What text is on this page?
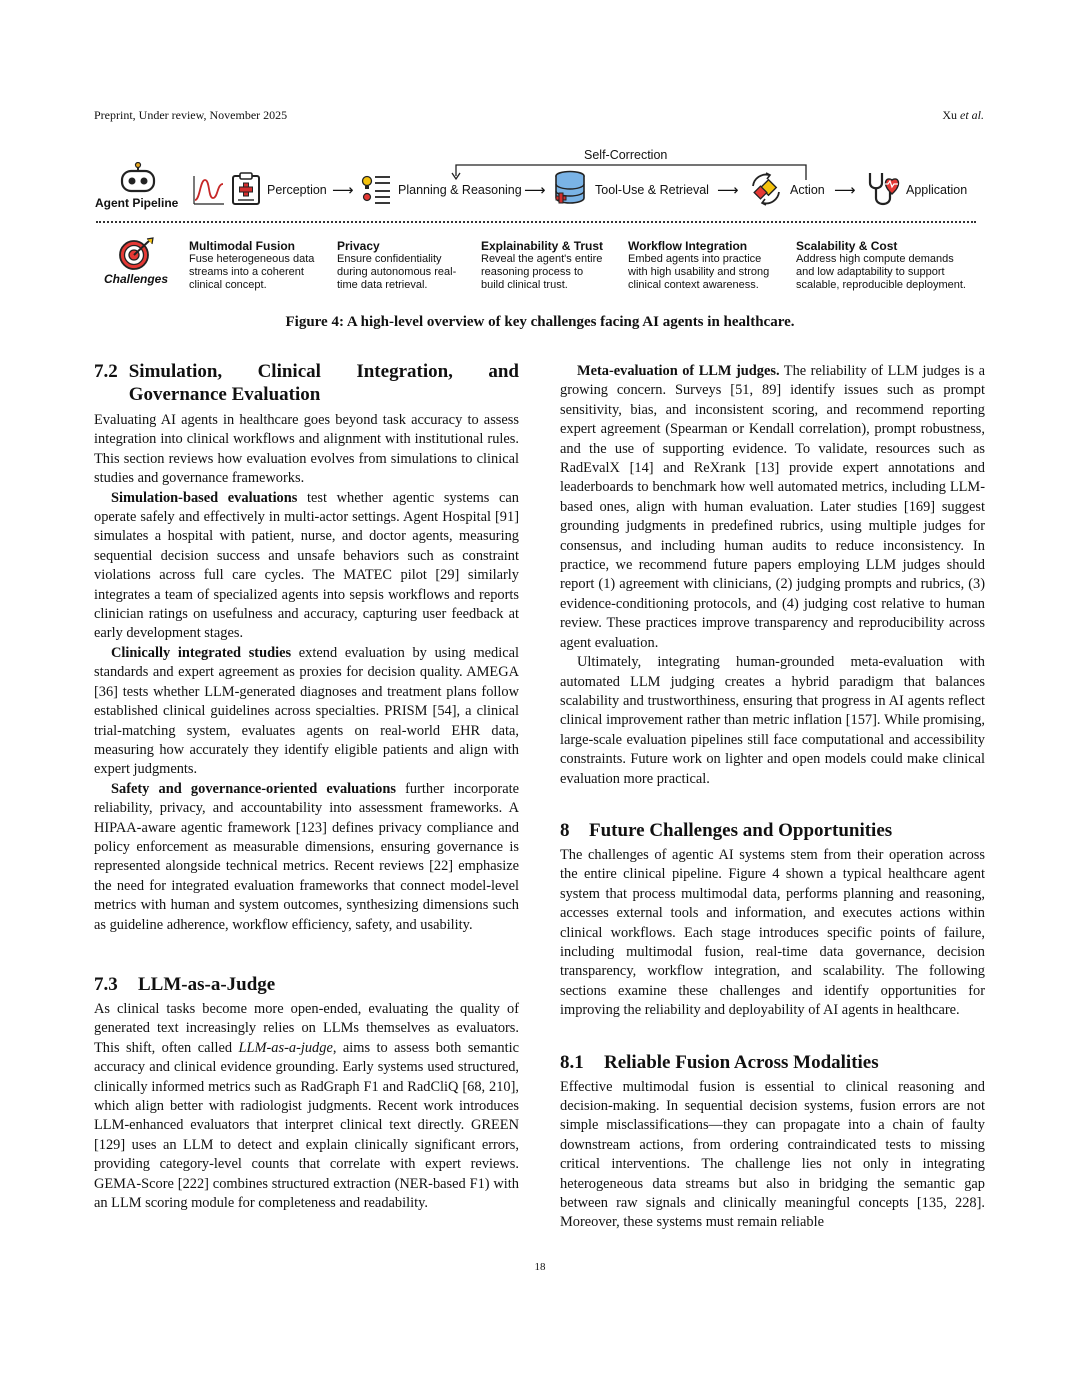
Preprint, Under review, November 2025	Xu et al.
Self-Correction
Agent Pipeline
Perception ⟶	Planning & Reasoning ⟶	Tool-Use & Retrieval ⟶	Action ⟶	Application
Challenges
Multimodal Fusion
Fuse heterogeneous data
streams into a coherent
clinical concept.
Privacy
Ensure confidentiality
during autonomous real-
time data retrieval.
Explainability & Trust
Reveal the agent's entire
reasoning process to
build clinical trust.
Workflow Integration
Embed agents into practice
with high usability and strong
clinical context awareness.
Scalability & Cost
Address high compute demands
and low adaptability to support
scalable, reproducible deployment.
Figure 4: A high-level overview of key challenges facing AI agents in healthcare.
7.2 Simulation, Clinical Integration, and Governance Evaluation

Evaluating AI agents in healthcare goes beyond task accuracy to assess integration into clinical workflows and alignment with institutional rules. This section reviews how evaluation evolves from simulations to clinical studies and governance frameworks.

Simulation-based evaluations test whether agentic systems can operate safely and effectively in multi-actor settings. Agent Hospital [91] simulates a hospital with patient, nurse, and doctor agents, measuring sequential decision success and unsafe behaviors such as constraint violations across full care cycles. The MATEC pilot [29] similarly integrates a team of specialized agents into sepsis workflows and reports clinician ratings on usefulness and accuracy, capturing user feedback at early development stages.

Clinically integrated studies extend evaluation by using medical standards and expert agreement as proxies for decision quality. AMEGA [36] tests whether LLM-generated diagnoses and treatment plans follow established clinical guidelines across specialties. PRISM [54], a clinical trial-matching system, evaluates agents on real-world EHR data, measuring how accurately they identify eligible patients and align with expert judgments.

Safety and governance-oriented evaluations further incorporate reliability, privacy, and accountability into assessment frameworks. A HIPAA-aware agentic framework [123] defines privacy compliance and policy enforcement as measurable dimensions, ensuring governance is represented alongside technical metrics. Recent reviews [22] emphasize the need for integrated evaluation frameworks that connect model-level metrics with human and system outcomes, synthesizing dimensions such as guideline adherence, workflow efficiency, safety, and usability.

7.3	LLM-as-a-Judge

As clinical tasks become more open-ended, evaluating the quality of generated text increasingly relies on LLMs themselves as evaluators. This shift, often called LLM-as-a-judge, aims to assess both semantic accuracy and clinical evidence grounding. Early systems used structured, clinically informed metrics such as RadGraph F1 and RadCliQ [68, 210], which align better with radiologist judgments. Recent work introduces LLM-enhanced evaluators that interpret clinical text directly. GREEN [129] uses an LLM to detect and explain clinically significant errors, providing category-level counts that correlate with expert reviews. GEMA-Score [222] combines structured extraction (NER-based F1) with an LLM scoring module for completeness and readability.

Meta-evaluation of LLM judges. The reliability of LLM judges is a growing concern. Surveys [51, 89] identify issues such as prompt sensitivity, bias, and inconsistent scoring, and recommend reporting expert agreement (Spearman or Kendall correlation), prompt robustness, and the use of supporting evidence. To validate, resources such as RadEvalX [14] and ReXrank [13] provide expert annotations and leaderboards to benchmark how well automated metrics, including LLM-based ones, align with human evaluation. Later studies [169] suggest grounding judgments in predefined rubrics, using multiple judges for consensus, and including human audits to reduce inconsistency. In practice, we recommend future papers employing LLM judges should report (1) agreement with clinicians, (2) judging prompts and rubrics, (3) evidence-conditioning protocols, and (4) judging cost relative to human review. These practices improve transparency and reproducibility across agent evaluation.

Ultimately, integrating human-grounded meta-evaluation with automated LLM judging creates a hybrid paradigm that balances scalability and trustworthiness, ensuring that progress in AI agents reflect clinical improvement rather than metric inflation [157]. While promising, large-scale evaluation pipelines still face computational and accessibility constraints. Future work on lighter and open models could make clinical evaluation more practical.

8	Future Challenges and Opportunities

The challenges of agentic AI systems stem from their operation across the entire clinical pipeline. Figure 4 shown a typical healthcare agent system that process multimodal data, performs planning and reasoning, accesses external tools and information, and executes actions within clinical workflows. Each stage introduces specific points of failure, including multimodal fusion, real-time data governance, decision transparency, workflow integration, and scalability. The following sections examine these challenges and identify opportunities for improving the reliability and deployability of AI agents in healthcare.

8.1	Reliable Fusion Across Modalities

Effective multimodal fusion is essential to clinical reasoning and decision-making. In sequential decision systems, fusion errors are not simple misclassifications—they can propagate into a chain of faulty downstream actions, from ordering contraindicated tests to missing critical interventions. The challenge lies not only in integrating heterogeneous data streams but also in bridging the semantic gap between raw signals and clinically meaningful concepts [135, 228]. Moreover, these systems must remain reliable

18
